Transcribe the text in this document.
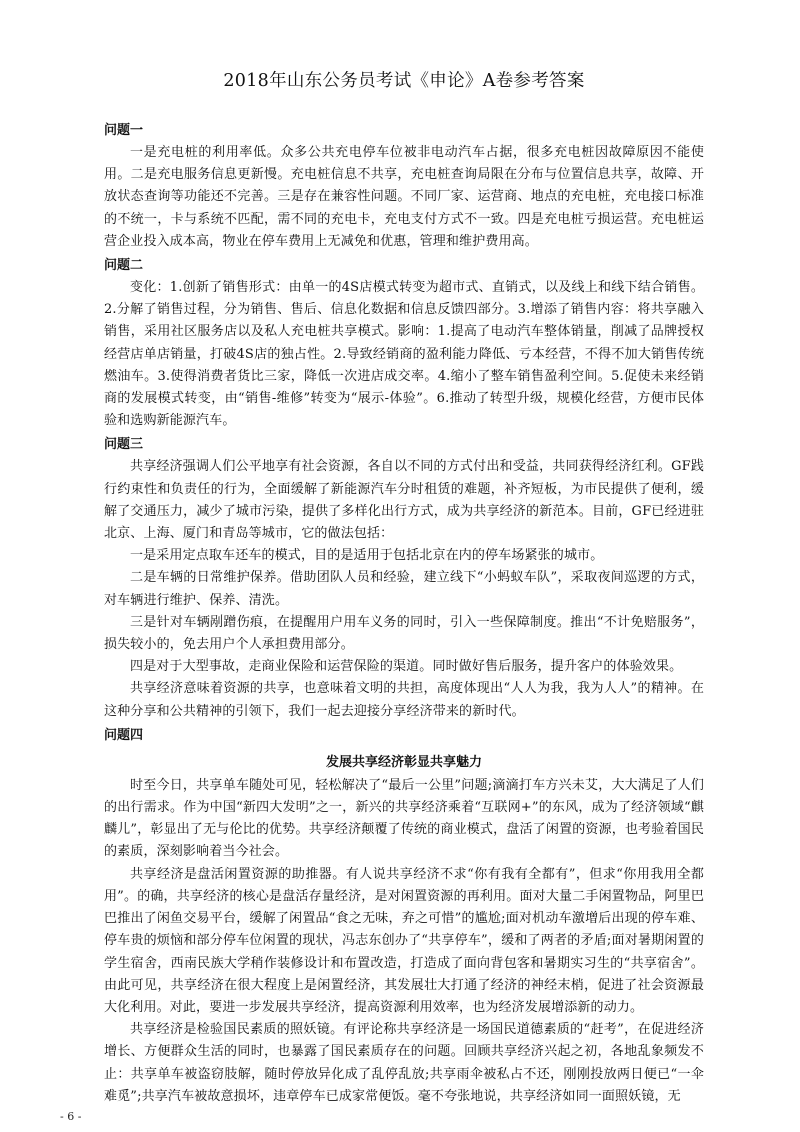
2018年山东公务员考试《申论》A卷参考答案
问题一

一是充电桩的利用率低。众多公共充电停车位被非电动汽车占据，很多充电桩因故障原因不能使用。二是充电服务信息更新慢。充电桩信息不共享，充电桩查询局限在分布与位置信息共享，故障、开放状态查询等功能还不完善。三是存在兼容性问题。不同厂家、运营商、地点的充电桩，充电接口标准的不统一，卡与系统不匹配，需不同的充电卡，充电支付方式不一致。四是充电桩亏损运营。充电桩运营企业投入成本高，物业在停车费用上无减免和优惠，管理和维护费用高。

问题二

变化：1.创新了销售形式：由单一的4S店模式转变为超市式、直销式，以及线上和线下结合销售。2.分解了销售过程，分为销售、售后、信息化数据和信息反馈四部分。3.增添了销售内容：将共享融入销售，采用社区服务店以及私人充电桩共享模式。影响：1.提高了电动汽车整体销量，削减了品牌授权经营店单店销量，打破4S店的独占性。2.导致经销商的盈利能力降低、亏本经营，不得不加大销售传统燃油车。3.使得消费者货比三家，降低一次进店成交率。4.缩小了整车销售盈利空间。5.促使未来经销商的发展模式转变，由“销售-维修”转变为“展示-体验”。6.推动了转型升级，规模化经营，方便市民体验和选购新能源汽车。

问题三

共享经济强调人们公平地享有社会资源，各自以不同的方式付出和受益，共同获得经济红利。GF践行约束性和负责任的行为，全面缓解了新能源汽车分时租赁的难题，补齐短板，为市民提供了便利，缓解了交通压力，减少了城市污染，提供了多样化出行方式，成为共享经济的新范本。目前，GF已经进驻北京、上海、厦门和青岛等城市，它的做法包括：

一是采用定点取车还车的模式，目的是适用于包括北京在内的停车场紧张的城市。

二是车辆的日常维护保养。借助团队人员和经验，建立线下“小蚂蚁车队”，采取夜间巡逻的方式，对车辆进行维护、保养、清洗。

三是针对车辆剐蹭伤痕，在提醒用户用车义务的同时，引入一些保障制度。推出“不计免赔服务”，损失较小的，免去用户个人承担费用部分。

四是对于大型事故，走商业保险和运营保险的渠道。同时做好售后服务，提升客户的体验效果。

共享经济意味着资源的共享，也意味着文明的共担，高度体现出“人人为我，我为人人”的精神。在这种分享和公共精神的引领下，我们一起去迎接分享经济带来的新时代。

问题四
发展共享经济彰显共享魅力

时至今日，共享单车随处可见，轻松解决了“最后一公里”问题;滴滴打车方兴未艾，大大满足了人们的出行需求。作为中国“新四大发明”之一，新兴的共享经济乘着“互联网+”的东风，成为了经济领域“麒麟儿”，彰显出了无与伦比的优势。共享经济颠覆了传统的商业模式，盘活了闲置的资源，也考验着国民的素质，深刻影响着当今社会。

共享经济是盘活闲置资源的助推器。有人说共享经济不求“你有我有全都有”，但求“你用我用全都用”。的确，共享经济的核心是盘活存量经济，是对闲置资源的再利用。面对大量二手闲置物品，阿里巴巴推出了闲鱼交易平台，缓解了闲置品“食之无味，弃之可惜”的尴尬;面对机动车激增后出现的停车难、停车贵的烦恼和部分停车位闲置的现状，冯志东创办了“共享停车”，缓和了两者的矛盾;面对暑期闲置的学生宿舍，西南民族大学稍作装修设计和布置改造，打造成了面向背包客和暑期实习生的“共享宿舍”。由此可见，共享经济在很大程度上是闲置经济，其发展壮大打通了经济的神经末梢，促进了社会资源最大化利用。对此，要进一步发展共享经济，提高资源利用效率，也为经济发展增添新的动力。

共享经济是检验国民素质的照妖镜。有评论称共享经济是一场国民道德素质的“赶考”，在促进经济增长、方便群众生活的同时，也暴露了国民素质存在的问题。回顾共享经济兴起之初，各地乱象频发不止：共享单车被盗窃肢解，随时停放异化成了乱停乱放;共享雨伞被私占不还，刚刚投放两日便已“一伞难觅”;共享汽车被故意损坏，违章停车已成家常便饭。毫不夸张地说，共享经济如同一面照妖镜，无

- 6 -
